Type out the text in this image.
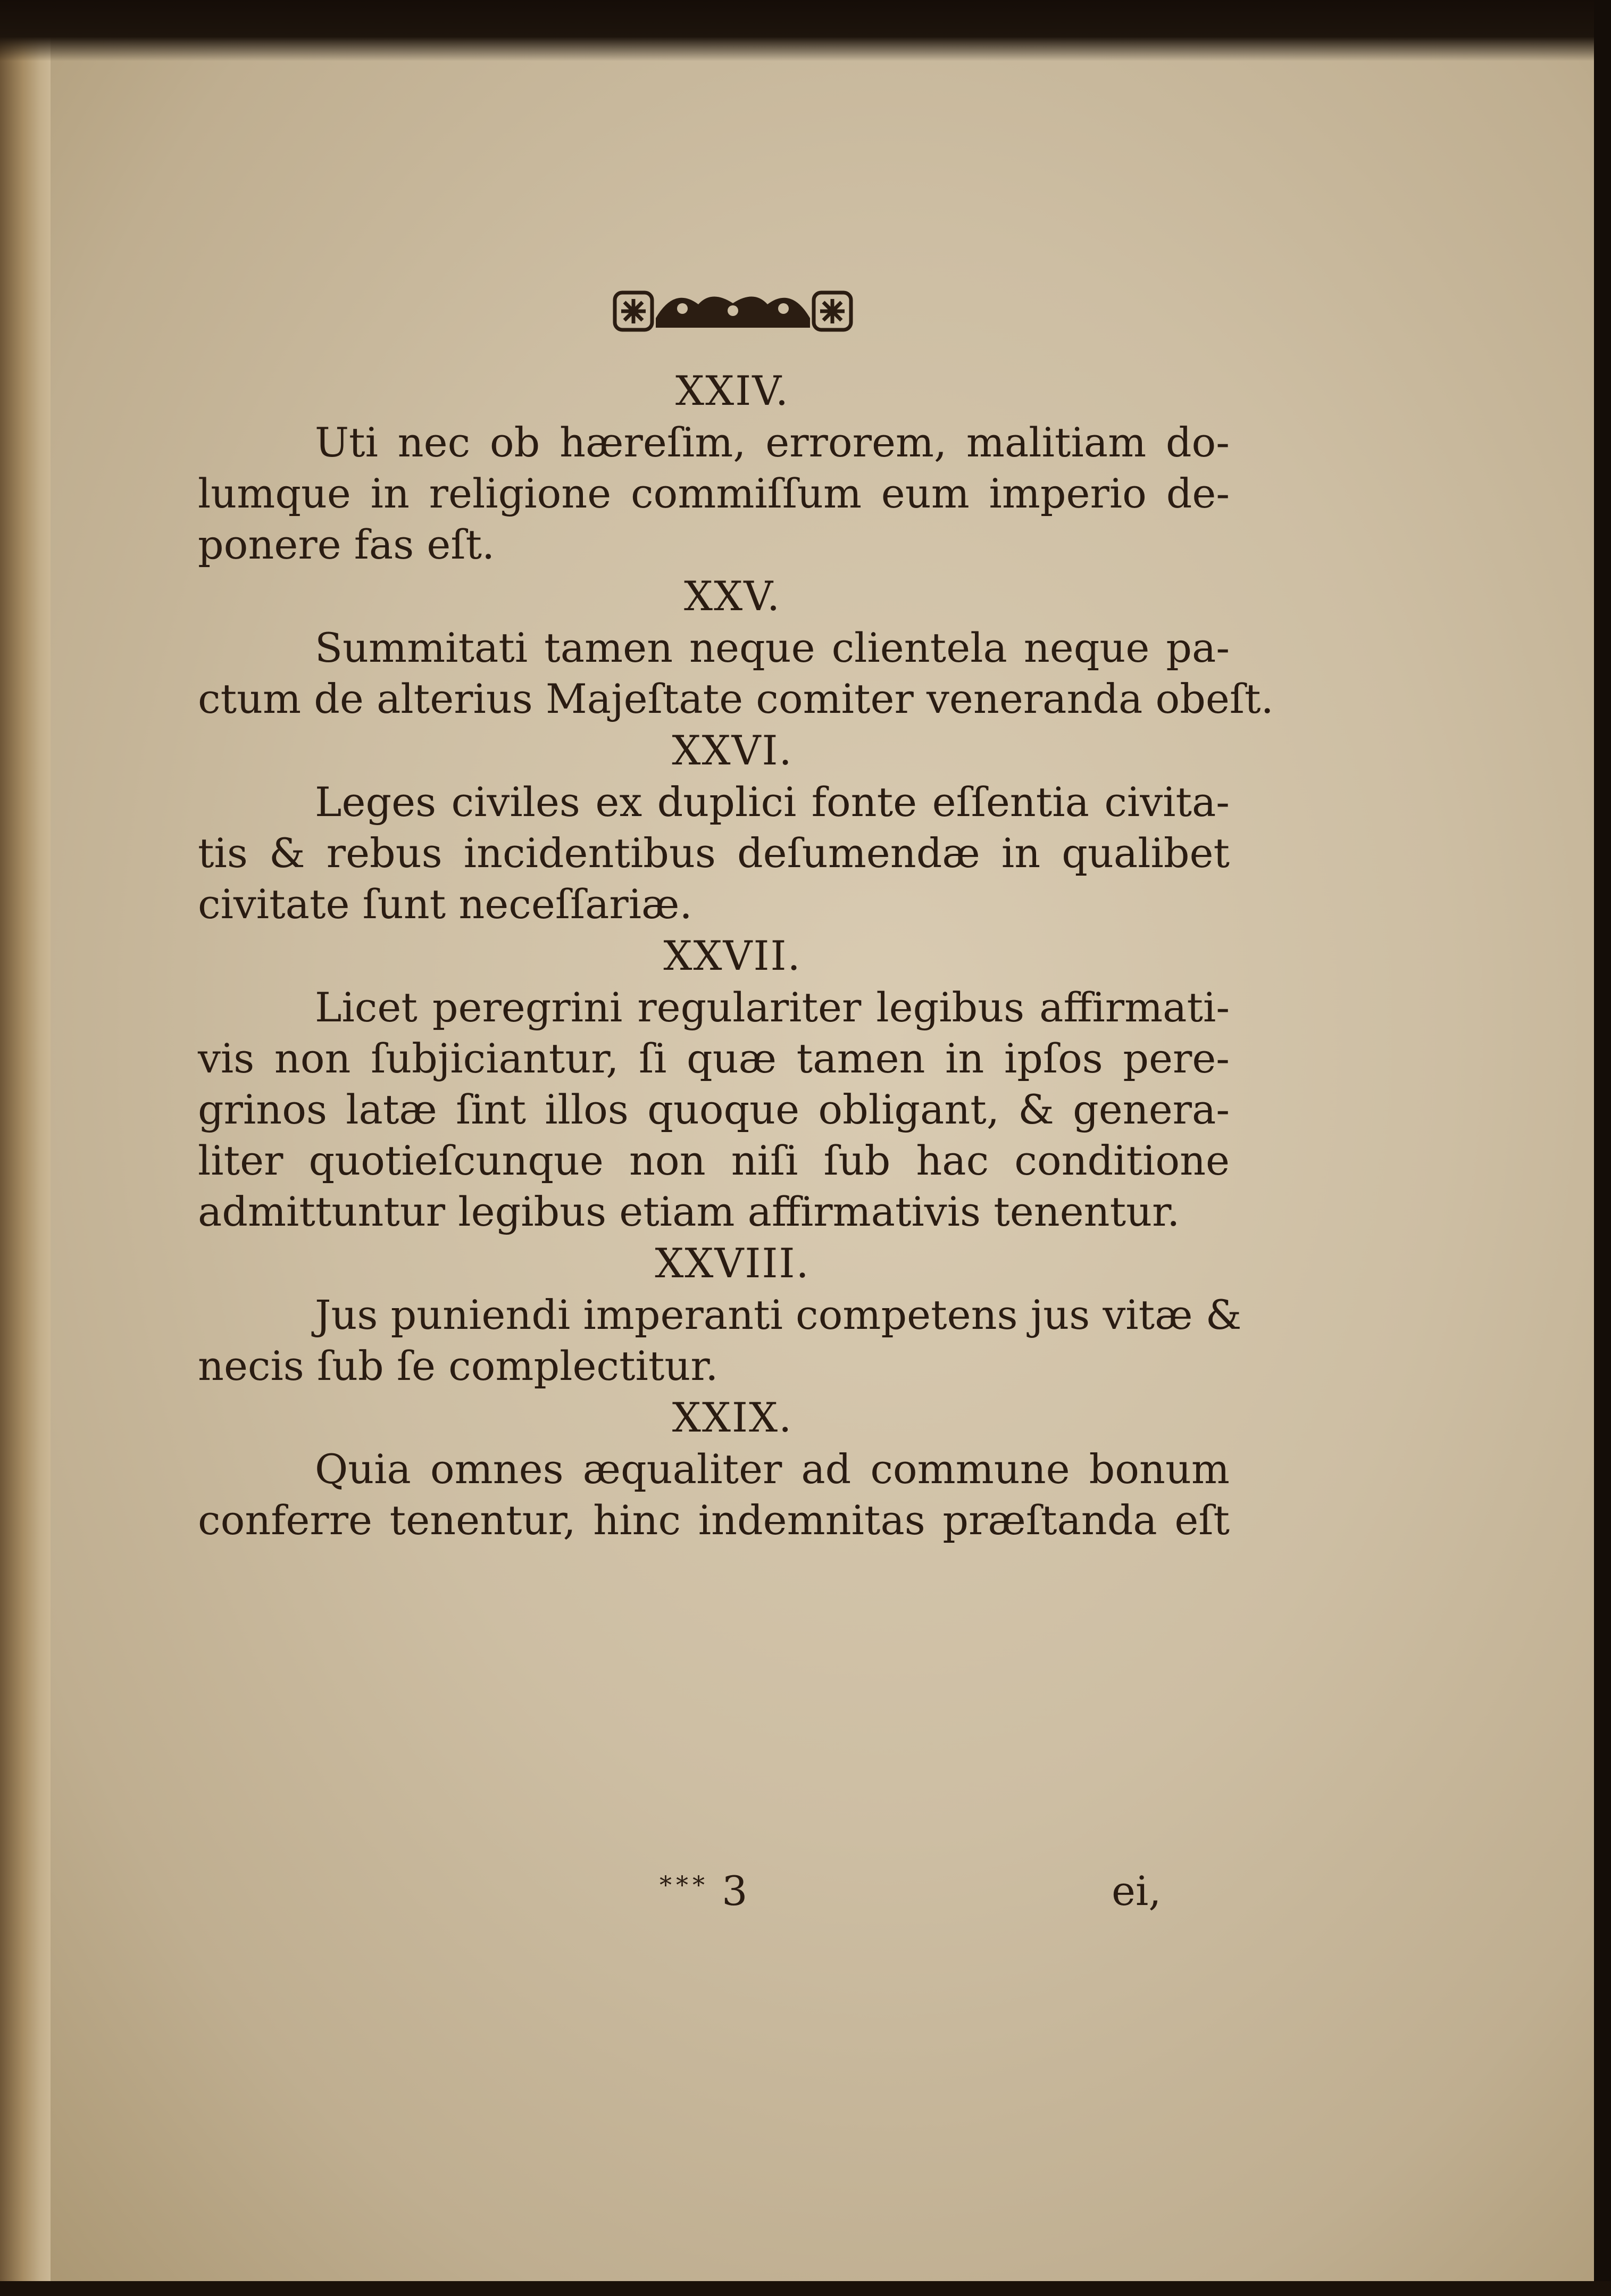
XXIV.
Uti nec ob hæreſim, errorem, malitiam do-
lumque in religione commiſſum eum imperio de-
ponere fas eſt.
XXV.
Summitati tamen neque clientela neque pa-
ctum de alterius Majeſtate comiter veneranda obeſt.
XXVI.
Leges civiles ex duplici fonte eſſentia civita-
tis & rebus incidentibus deſumendæ in qualibet
civitate ſunt neceſſariæ.
XXVII.
Licet peregrini regulariter legibus affirmati-
vis non ſubjiciantur, ſi quæ tamen in ipſos pere-
grinos latæ ſint illos quoque obligant, & genera-
liter quotieſcunque non niſi ſub hac conditione
admittuntur legibus etiam affirmativis tenentur.
XXVIII.
Jus puniendi imperanti competens jus vitæ &
necis ſub ſe complectitur.
XXIX.
Quia omnes æqualiter ad commune bonum
conferre tenentur, hinc indemnitas præſtanda eſt
*** 3	ei,
